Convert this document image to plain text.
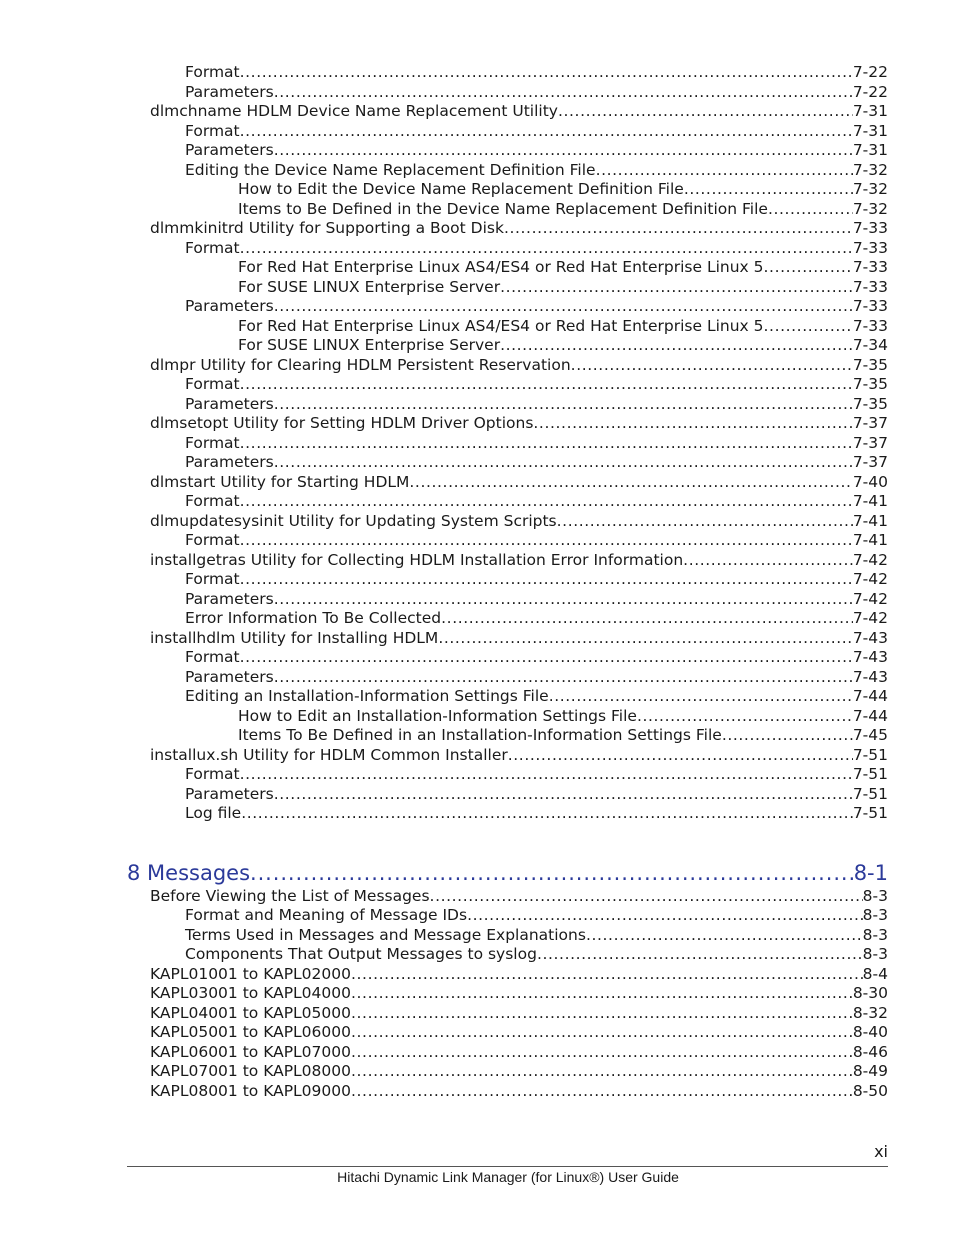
Format .....	7-22
Parameters .....	7-22
dlmchname HDLM Device Name Replacement Utility .....	7-31
Format .....	7-31
Parameters .....	7-31
Editing the Device Name Replacement Definition File .....	7-32
How to Edit the Device Name Replacement Definition File .....	7-32
Items to Be Defined in the Device Name Replacement Definition File .....	7-32
dlmmkinitrd Utility for Supporting a Boot Disk .....	7-33
Format .....	7-33
For Red Hat Enterprise Linux AS4/ES4 or Red Hat Enterprise Linux 5 .....	7-33
For SUSE LINUX Enterprise Server .....	7-33
Parameters .....	7-33
For Red Hat Enterprise Linux AS4/ES4 or Red Hat Enterprise Linux 5 .....	7-33
For SUSE LINUX Enterprise Server .....	7-34
dlmpr Utility for Clearing HDLM Persistent Reservation .....	7-35
Format .....	7-35
Parameters .....	7-35
dlmsetopt Utility for Setting HDLM Driver Options .....	7-37
Format .....	7-37
Parameters .....	7-37
dlmstart Utility for Starting HDLM .....	7-40
Format .....	7-41
dlmupdatesysinit Utility for Updating System Scripts .....	7-41
Format .....	7-41
installgetras Utility for Collecting HDLM Installation Error Information .....	7-42
Format .....	7-42
Parameters .....	7-42
Error Information To Be Collected .....	7-42
installhdlm Utility for Installing HDLM .....	7-43
Format .....	7-43
Parameters .....	7-43
Editing an Installation-Information Settings File .....	7-44
How to Edit an Installation-Information Settings File .....	7-44
Items To Be Defined in an Installation-Information Settings File .....	7-45
installux.sh Utility for HDLM Common Installer .....	7-51
Format .....	7-51
Parameters .....	7-51
Log file .....	7-51
8 Messages .....	8-1
Before Viewing the List of Messages .....	8-3
Format and Meaning of Message IDs .....	8-3
Terms Used in Messages and Message Explanations .....	8-3
Components That Output Messages to syslog .....	8-3
KAPL01001 to KAPL02000 .....	8-4
KAPL03001 to KAPL04000 .....	8-30
KAPL04001 to KAPL05000 .....	8-32
KAPL05001 to KAPL06000 .....	8-40
KAPL06001 to KAPL07000 .....	8-46
KAPL07001 to KAPL08000 .....	8-49
KAPL08001 to KAPL09000 .....	8-50
xi
Hitachi Dynamic Link Manager (for Linux®) User Guide
